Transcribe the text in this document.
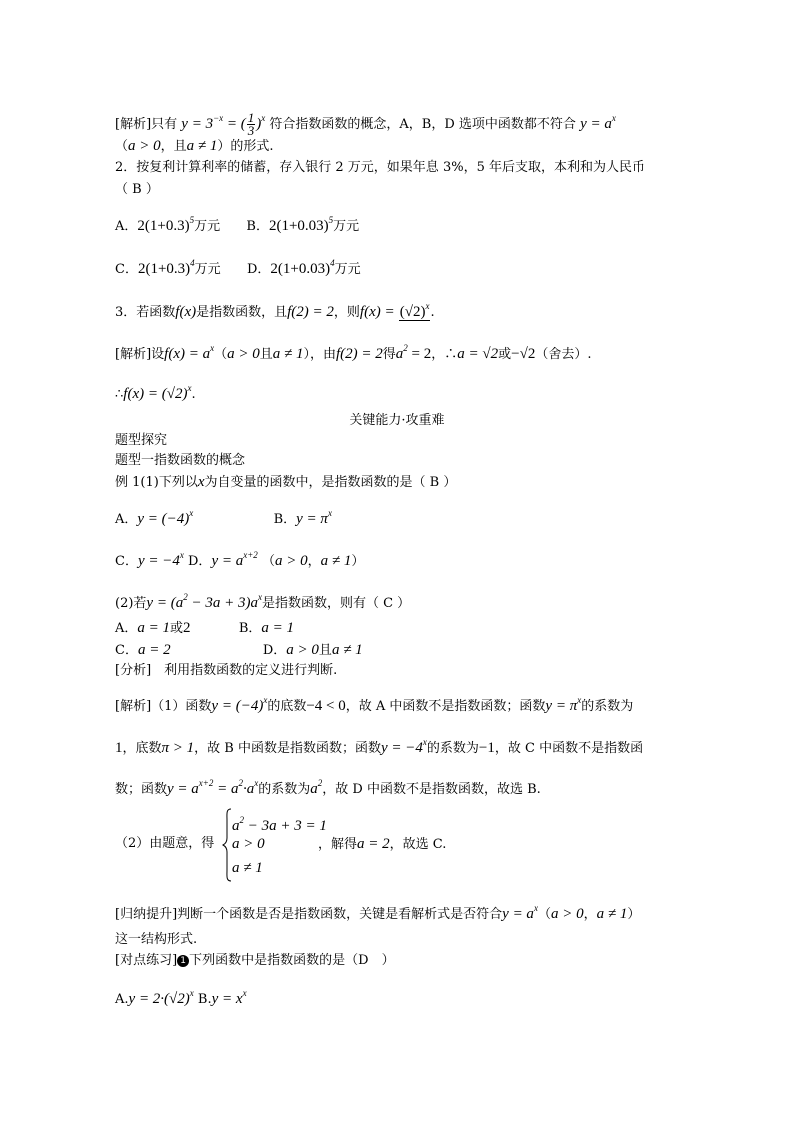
[解析]只有 $y = 3^{-x}$ = ( $\frac{1}{3} )^x$ 符合指数函数的概念，A，B，D 选项中函数都不符合 $y = a^x$
（a > 0，且a ≠ 1）的形式.
2．按复利计算利率的储蓄，存入银行 2 万元，如果年息 3%，5 年后支取，本利和为人民币
（ B ）
A．$2(1+0.3)^5$万元 B．$2(1+0.03)^5$万元
C．$2(1+0.3)^4$万元 D．$2(1+0.03)^4$万元
3．若函数f(x)是指数函数，且f(2) = 2，则$f(x) = (√2)^x$.
[解析]设$f(x) = a^x(a > 0$且a ≠ 1），由f(2) = 2得$a^2 = 2$，∴a = √2或−√2（舍去）.
∴f(x) = $(√2)^x$.
关键能力·攻重难
题型探究
题型一指数函数的概念
例 1(1)下列以x为自变量的函数中，是指数函数的是（ B ）
A．$y = (-4)^x$	B．$y = \pi^x$
C．$y = -4^x$ D．$y = a^{x+2}$ （a > 0，a ≠ 1）
(2)若$y = (a^2 - 3a + 3)a^x$是指数函数，则有（ C ）
A．a = 1或2	B．a = 1
C．a = 2	D．a > 0且a ≠ 1
[分析]　利用指数函数的定义进行判断.
[解析]（1）函数$y = (-4)^x$的底数−4 < 0，故 A 中函数不是指数函数；函数$y = \pi^x$的系数为
1，底数π > 1，故 B 中函数是指数函数；函数$y = -4^x$的系数为−1，故 C 中函数不是指数函
数；函数$y = a^{x+2} = a^2\cdot a^x$的系数为$a^2$，故 D 中函数不是指数函数，故选 B.
（2）由题意，得
$a^2 - 3a + 3 = 1$
a > 0
a ≠ 1
，解得a = 2，故选 C.
[归纳提升]判断一个函数是否是指数函数，关键是看解析式是否符合$y = a^x(a > 0$，a ≠ 1）
这一结构形式.
[对点练习] 1 下列函数中是指数函数的是（D　）
$A.y = 2\cdot(√2)^x$ $B.y = x^x$
